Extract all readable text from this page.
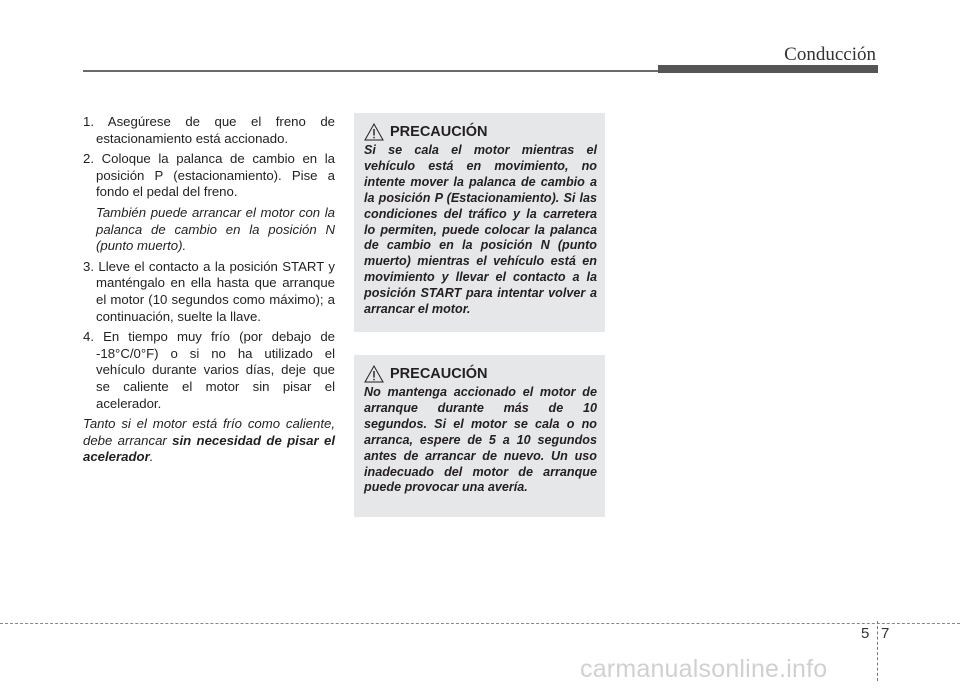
Conducción
1. Asegúrese de que el freno de estacionamiento está accionado.
2. Coloque la palanca de cambio en la posición P (estacionamiento). Pise a fondo el pedal del freno.
También puede arrancar el motor con la palanca de cambio en la posición N (punto muerto).
3. Lleve el contacto a la posición START y manténgalo en ella hasta que arranque el motor (10 segundos como máximo); a continuación, suelte la llave.
4. En tiempo muy frío (por debajo de -18°C/0°F) o si no ha utilizado el vehículo durante varios días, deje que se caliente el motor sin pisar el acelerador.
Tanto si el motor está frío como caliente, debe arrancar sin necesidad de pisar el acelerador.
PRECAUCIÓN

Si se cala el motor mientras el vehículo está en movimiento, no intente mover la palanca de cambio a la posición P (Estacionamiento). Si las condiciones del tráfico y la carretera lo permiten, puede colocar la palanca de cambio en la posición N (punto muerto) mientras el vehículo está en movimiento y llevar el contacto a la posición START para intentar volver a arrancar el motor.

PRECAUCIÓN

No mantenga accionado el motor de arranque durante más de 10 segundos. Si el motor se cala o no arranca, espere de 5 a 10 segundos antes de arrancar de nuevo. Un uso inadecuado del motor de arranque puede provocar una avería.

5 7
carmanualsonline.info
